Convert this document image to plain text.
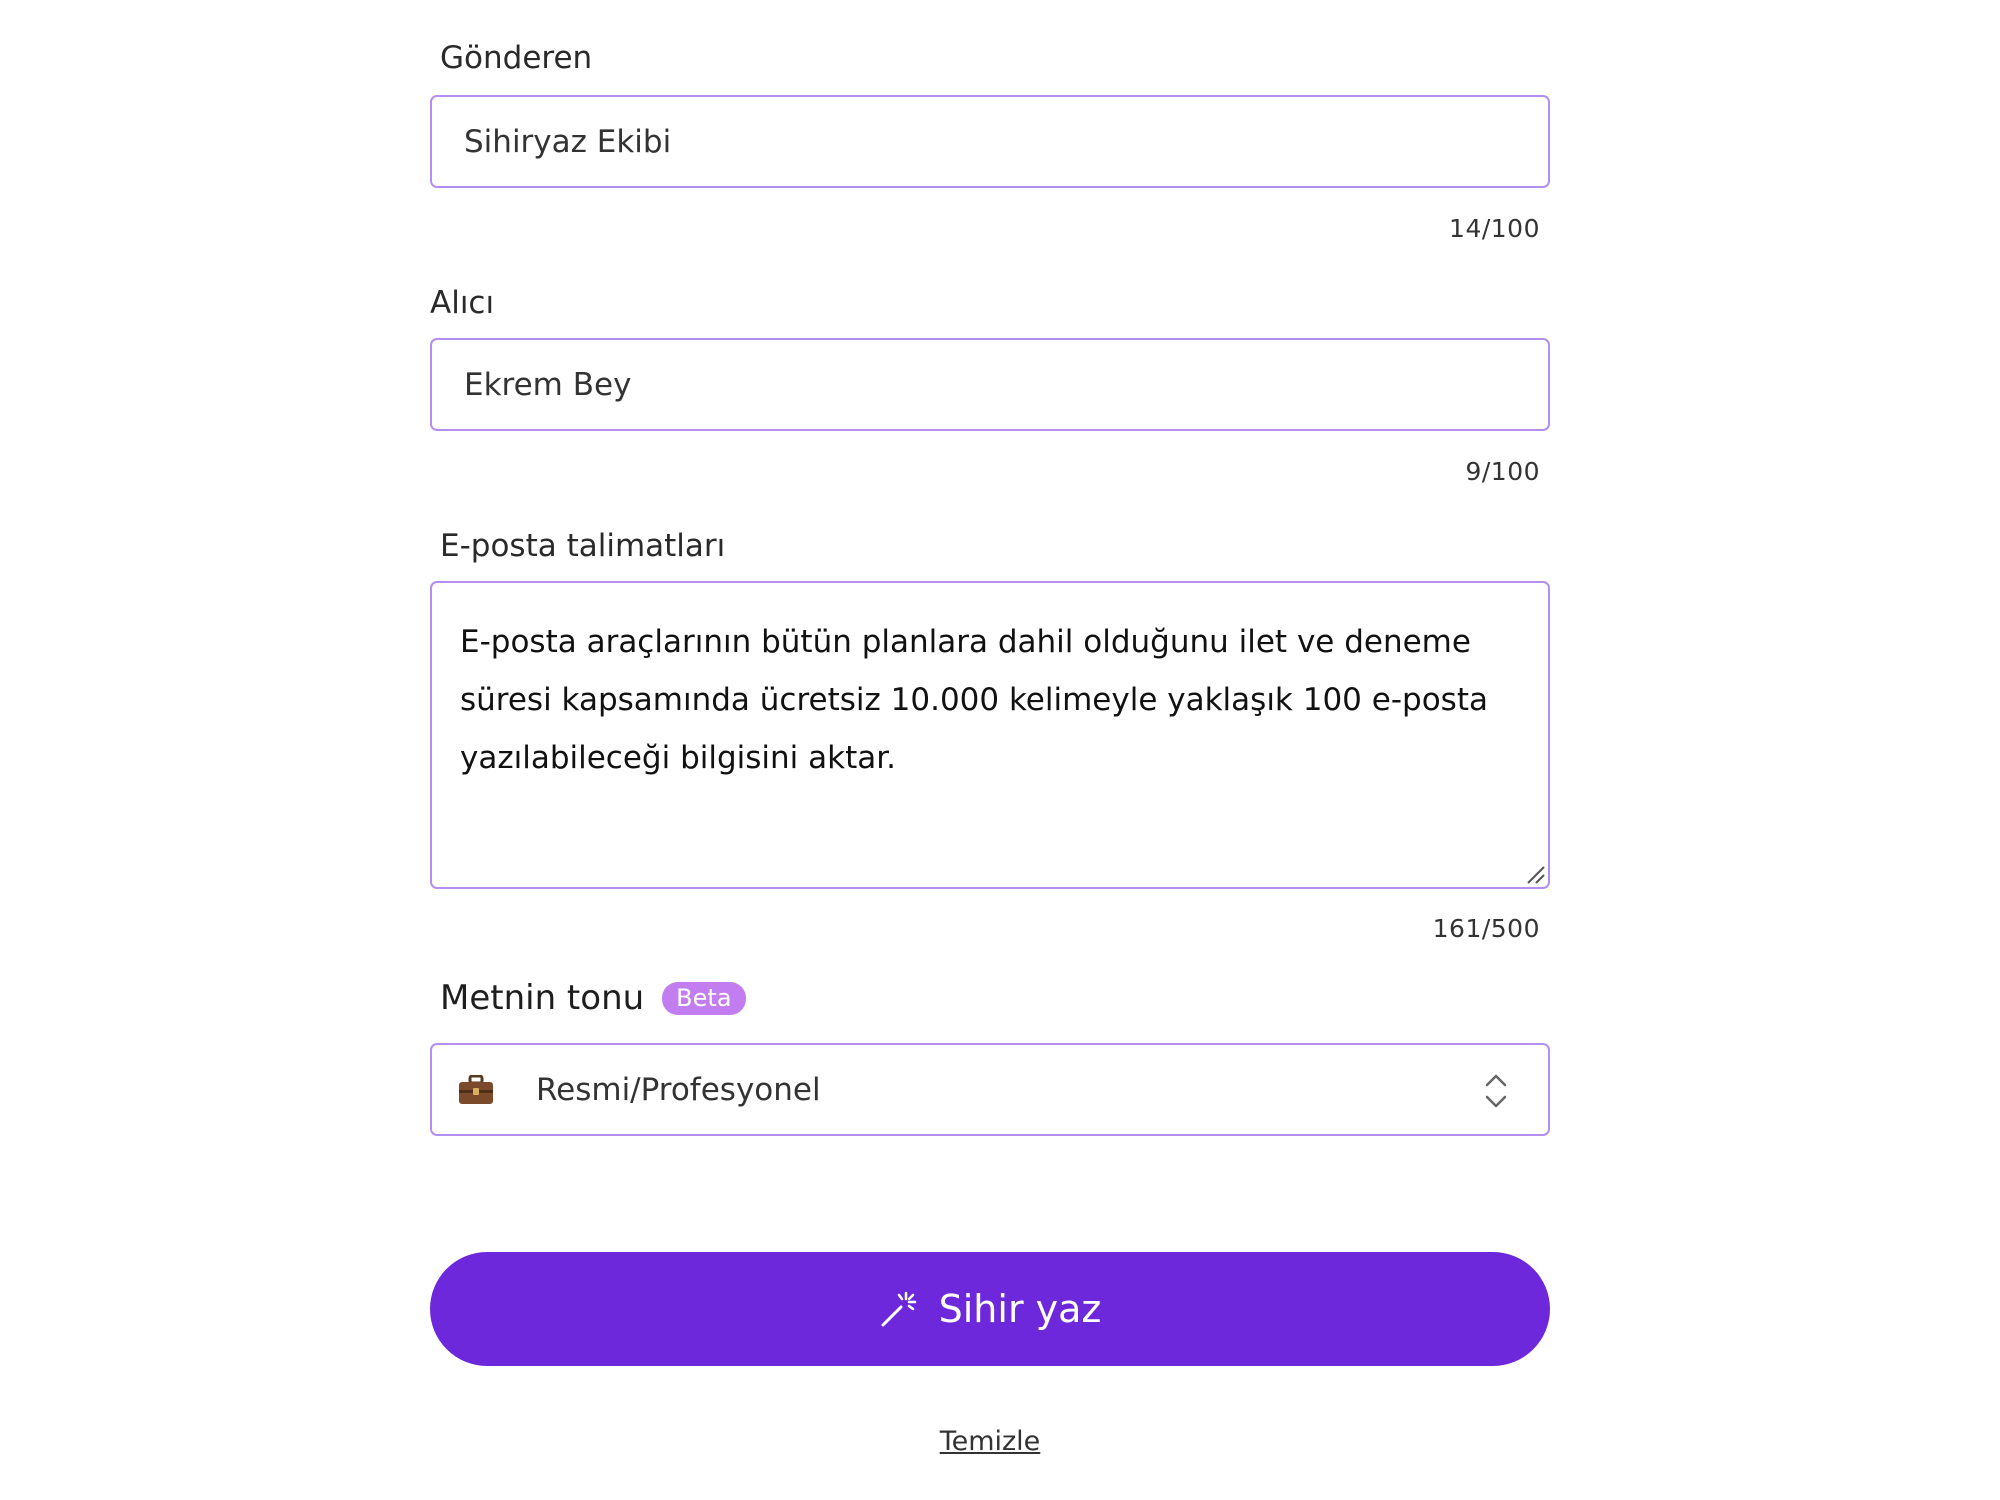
Gönderen
Sihiryaz Ekibi
14/100
Alıcı
Ekrem Bey
9/100
E-posta talimatları
E-posta araçlarının bütün planlara dahil olduğunu ilet ve deneme süresi kapsamında ücretsiz 10.000 kelimeyle yaklaşık 100 e-posta yazılabileceği bilgisini aktar.
161/500
Metnin tonu	Beta
Resmi/Profesyonel
Sihir yaz
Temizle
